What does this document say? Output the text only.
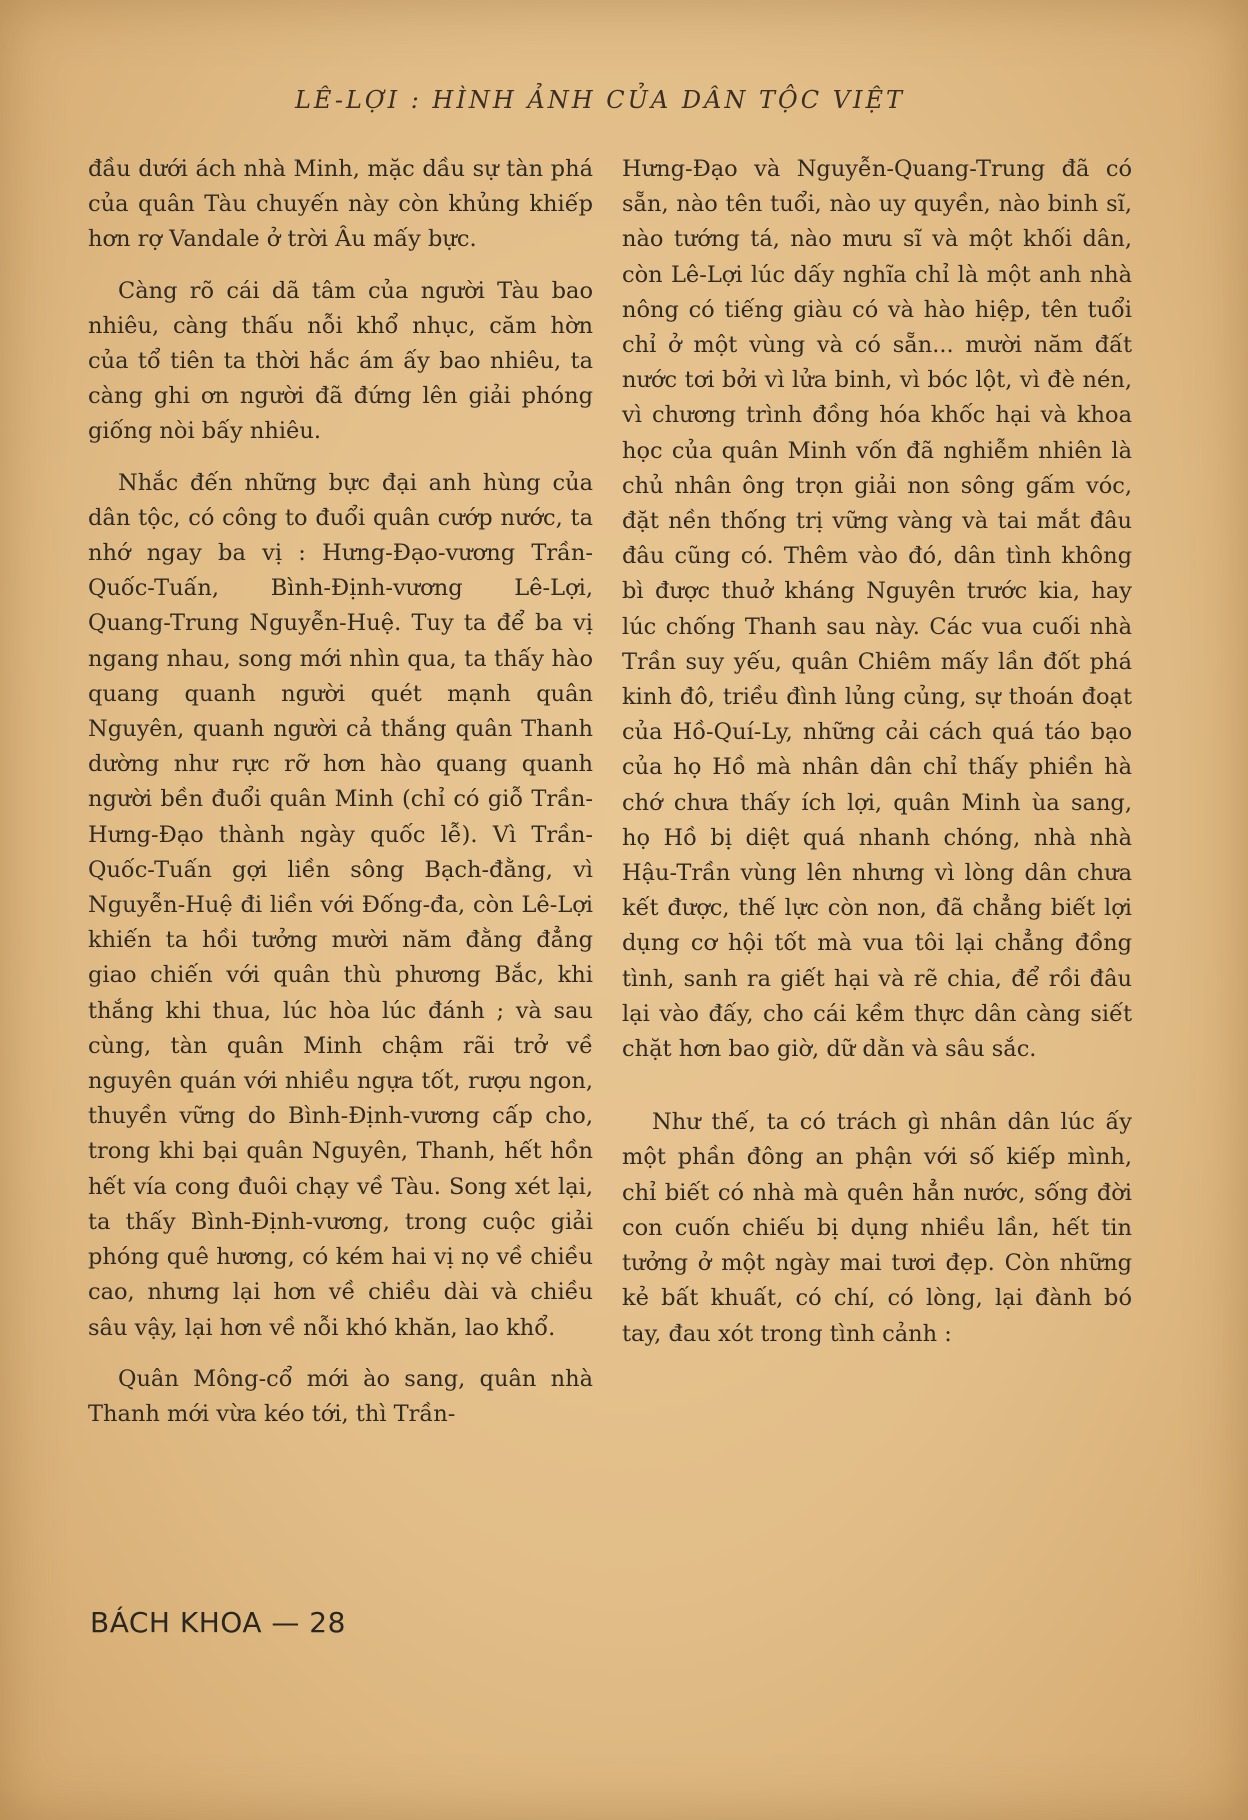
LÊ-LỢI : HÌNH ẢNH CỦA DÂN TỘC VIỆT

đầu dưới ách nhà Minh, mặc dầu sự tàn phá của quân Tàu chuyến này còn khủng khiếp hơn rợ Vandale ở trời Âu mấy bực.

Càng rõ cái dã tâm của người Tàu bao nhiêu, càng thấu nỗi khổ nhục, căm hờn của tổ tiên ta thời hắc ám ấy bao nhiêu, ta càng ghi ơn người đã đứng lên giải phóng giống nòi bấy nhiêu.

Nhắc đến những bực đại anh hùng của dân tộc, có công to đuổi quân cướp nước, ta nhớ ngay ba vị : Hưng-Đạo-vương Trần-Quốc-Tuấn, Bình-Định-vương Lê-Lợi, Quang-Trung Nguyễn-Huệ. Tuy ta để ba vị ngang nhau, song mới nhìn qua, ta thấy hào quang quanh người quét mạnh quân Nguyên, quanh người cả thắng quân Thanh dường như rực rỡ hơn hào quang quanh người bền đuổi quân Minh (chỉ có giỗ Trần-Hưng-Đạo thành ngày quốc lễ). Vì Trần-Quốc-Tuấn gợi liền sông Bạch-đằng, vì Nguyễn-Huệ đi liền với Đống-đa, còn Lê-Lợi khiến ta hồi tưởng mười năm đằng đẳng giao chiến với quân thù phương Bắc, khi thắng khi thua, lúc hòa lúc đánh ; và sau cùng, tàn quân Minh chậm rãi trở về nguyên quán với nhiều ngựa tốt, rượu ngon, thuyền vững do Bình-Định-vương cấp cho, trong khi bại quân Nguyên, Thanh, hết hồn hết vía cong đuôi chạy về Tàu. Song xét lại, ta thấy Bình-Định-vương, trong cuộc giải phóng quê hương, có kém hai vị nọ về chiều cao, nhưng lại hơn về chiều dài và chiều sâu vậy, lại hơn về nỗi khó khăn, lao khổ.

Quân Mông-cổ mới ào sang, quân nhà Thanh mới vừa kéo tới, thì Trần-

Hưng-Đạo và Nguyễn-Quang-Trung đã có sẵn, nào tên tuổi, nào uy quyền, nào binh sĩ, nào tướng tá, nào mưu sĩ và một khối dân, còn Lê-Lợi lúc dấy nghĩa chỉ là một anh nhà nông có tiếng giàu có và hào hiệp, tên tuổi chỉ ở một vùng và có sẵn... mười năm đất nước tơi bởi vì lửa binh, vì bóc lột, vì đè nén, vì chương trình đồng hóa khốc hại và khoa học của quân Minh vốn đã nghiễm nhiên là chủ nhân ông trọn giải non sông gấm vóc, đặt nền thống trị vững vàng và tai mắt đâu đâu cũng có. Thêm vào đó, dân tình không bì được thuở kháng Nguyên trước kia, hay lúc chống Thanh sau này. Các vua cuối nhà Trần suy yếu, quân Chiêm mấy lần đốt phá kinh đô, triều đình lủng củng, sự thoán đoạt của Hồ-Quí-Ly, những cải cách quá táo bạo của họ Hồ mà nhân dân chỉ thấy phiền hà chớ chưa thấy ích lợi, quân Minh ùa sang, họ Hồ bị diệt quá nhanh chóng, nhà nhà Hậu-Trần vùng lên nhưng vì lòng dân chưa kết được, thế lực còn non, đã chẳng biết lợi dụng cơ hội tốt mà vua tôi lại chẳng đồng tình, sanh ra giết hại và rẽ chia, để rồi đâu lại vào đấy, cho cái kềm thực dân càng siết chặt hơn bao giờ, dữ dằn và sâu sắc.

Như thế, ta có trách gì nhân dân lúc ấy một phần đông an phận với số kiếp mình, chỉ biết có nhà mà quên hẳn nước, sống đời con cuốn chiếu bị dụng nhiều lần, hết tin tưởng ở một ngày mai tươi đẹp. Còn những kẻ bất khuất, có chí, có lòng, lại đành bó tay, đau xót trong tình cảnh :

BÁCH KHOA — 28
